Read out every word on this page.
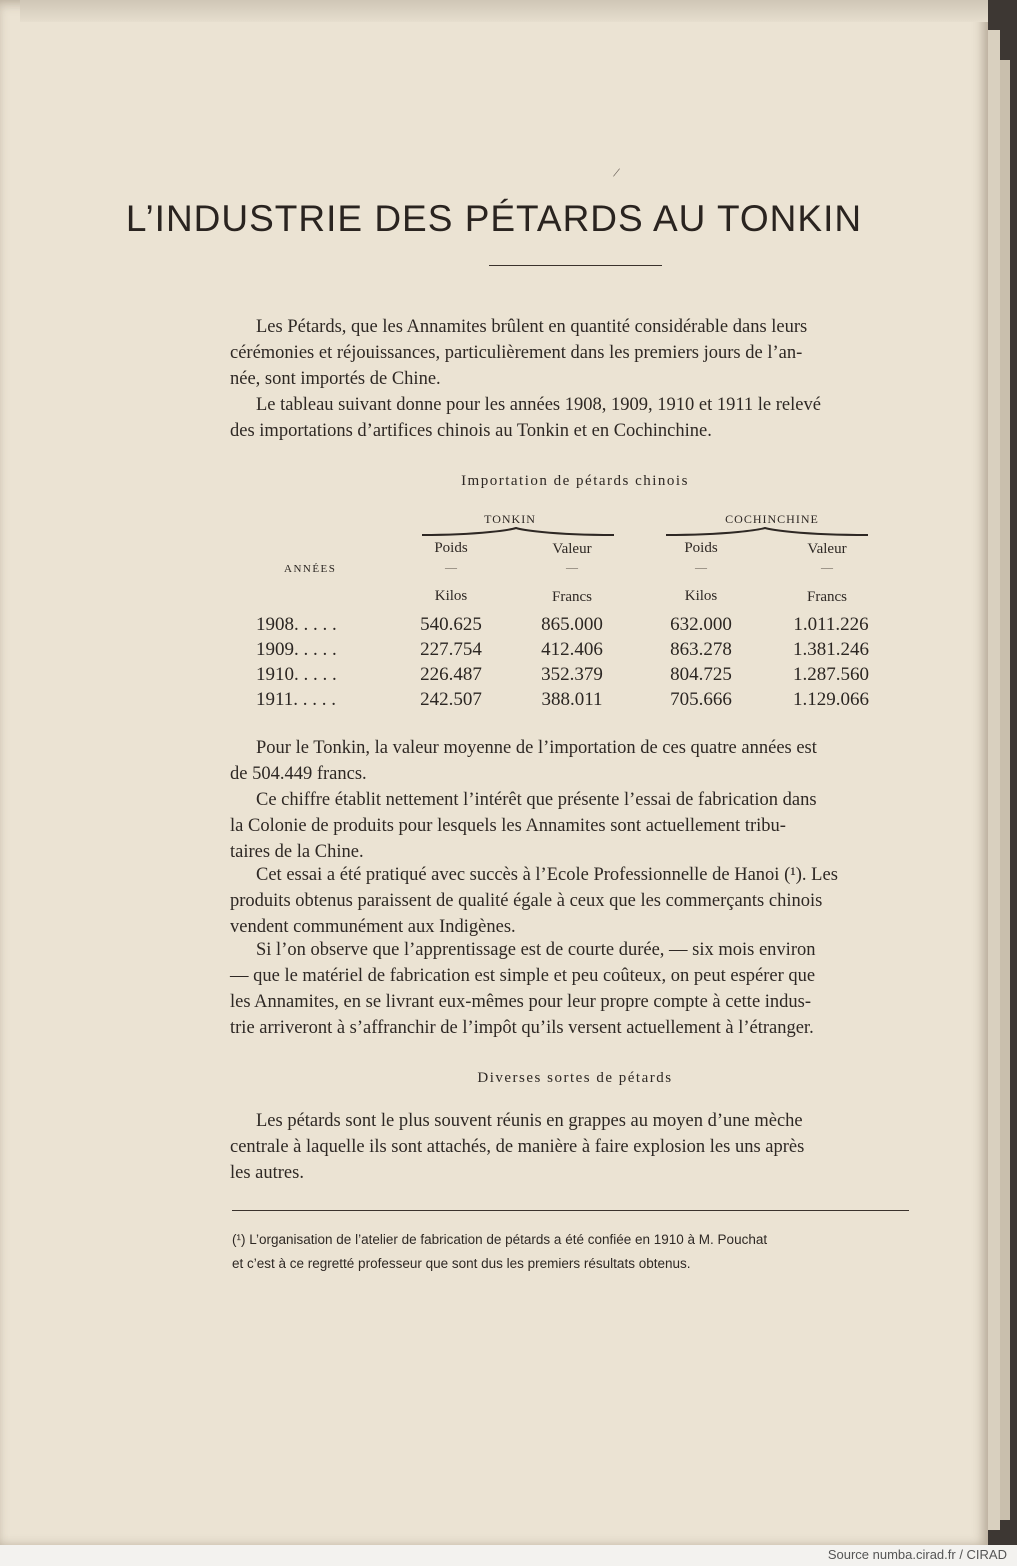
/
L’INDUSTRIE DES PÉTARDS AU TONKIN
Les Pétards, que les Annamites brûlent en quantité considérable dans leurs
cérémonies et réjouissances, particulièrement dans les premiers jours de l’an-
née, sont importés de Chine.
Le tableau suivant donne pour les années 1908, 1909, 1910 et 1911 le relevé
des importations d’artifices chinois au Tonkin et en Cochinchine.
Importation de pétards chinois
TONKIN	COCHINCHINE
Poids	Valeur	Poids	Valeur
—	—	—	—
ANNÉES
Kilos	Francs	Kilos	Francs
1908. . . . .	540.625	865.000	632.000	1.011.226
1909. . . . .	227.754	412.406	863.278	1.381.246
1910. . . . .	226.487	352.379	804.725	1.287.560
1911. . . . .	242.507	388.011	705.666	1.129.066
Pour le Tonkin, la valeur moyenne de l’importation de ces quatre années est
de 504.449 francs.
Ce chiffre établit nettement l’intérêt que présente l’essai de fabrication dans
la Colonie de produits pour lesquels les Annamites sont actuellement tribu-
taires de la Chine.
Cet essai a été pratiqué avec succès à l’Ecole Professionnelle de Hanoi (¹). Les
produits obtenus paraissent de qualité égale à ceux que les commerçants chinois
vendent communément aux Indigènes.
Si l’on observe que l’apprentissage est de courte durée, — six mois environ
— que le matériel de fabrication est simple et peu coûteux, on peut espérer que
les Annamites, en se livrant eux-mêmes pour leur propre compte à cette indus-
trie arriveront à s’affranchir de l’impôt qu’ils versent actuellement à l’étranger.
Diverses sortes de pétards
Les pétards sont le plus souvent réunis en grappes au moyen d’une mèche
centrale à laquelle ils sont attachés, de manière à faire explosion les uns après
les autres.
(¹) L’organisation de l’atelier de fabrication de pétards a été confiée en 1910 à M. Pouchat
et c’est à ce regretté professeur que sont dus les premiers résultats obtenus.
Source numba.cirad.fr / CIRAD
